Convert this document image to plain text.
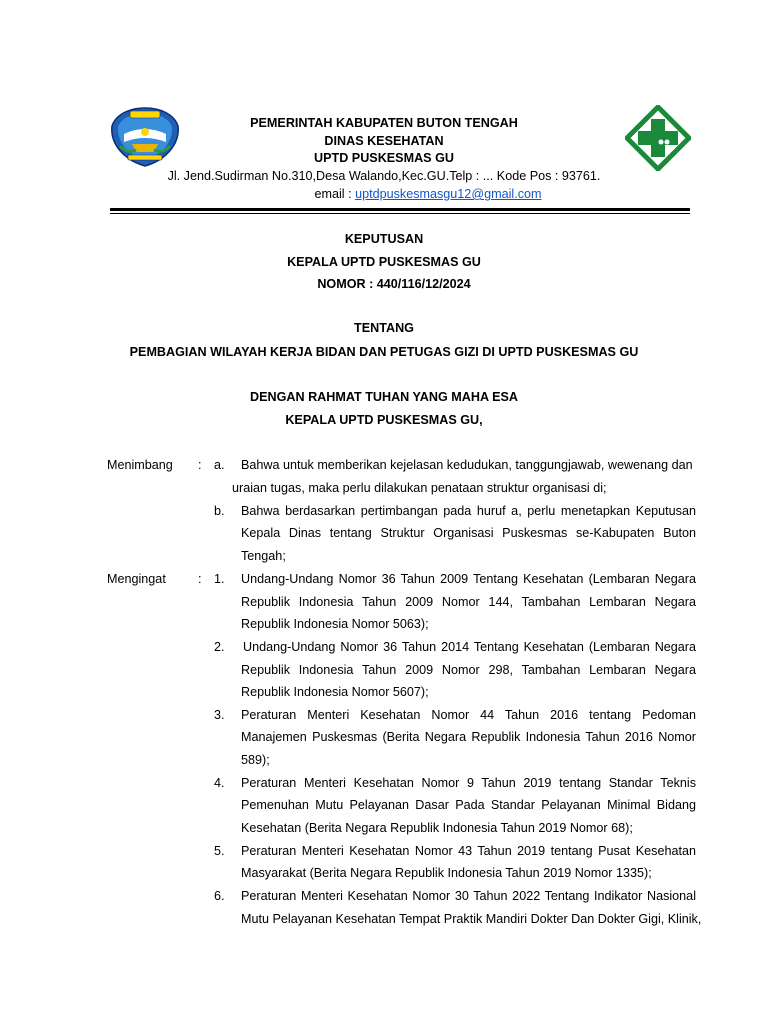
PEMERINTAH KABUPATEN BUTON TENGAH
DINAS KESEHATAN
UPTD PUSKESMAS GU
Jl. Jend.Sudirman No.310,Desa Walando,Kec.GU.Telp : ... Kode Pos : 93761.
email : uptdpuskesmasgu12@gmail.com
KEPUTUSAN
KEPALA UPTD PUSKESMAS GU
NOMOR : 440/116/12/2024
TENTANG
PEMBAGIAN WILAYAH KERJA BIDAN DAN PETUGAS GIZI DI UPTD PUSKESMAS GU
DENGAN RAHMAT TUHAN YANG MAHA ESA
KEPALA UPTD PUSKESMAS GU,
Menimbang : a. Bahwa untuk memberikan kejelasan kedudukan, tanggungjawab, wewenang dan
uraian tugas, maka perlu dilakukan penataan struktur organisasi di;
b. Bahwa berdasarkan pertimbangan pada huruf a, perlu menetapkan Keputusan
Kepala Dinas tentang Struktur Organisasi Puskesmas se-Kabupaten Buton
Tengah;
Mengingat	: 1. Undang-Undang Nomor 36 Tahun 2009 Tentang Kesehatan (Lembaran Negara
Republik Indonesia Tahun 2009 Nomor 144, Tambahan Lembaran Negara
Republik Indonesia Nomor 5063);
2. Undang-Undang Nomor 36 Tahun 2014 Tentang Kesehatan (Lembaran Negara
Republik Indonesia Tahun 2009 Nomor 298, Tambahan Lembaran Negara
Republik Indonesia Nomor 5607);
3. Peraturan Menteri Kesehatan Nomor 44 Tahun 2016 tentang Pedoman
Manajemen Puskesmas (Berita Negara Republik Indonesia Tahun 2016 Nomor
589);
4. Peraturan Menteri Kesehatan Nomor 9 Tahun 2019 tentang Standar Teknis
Pemenuhan Mutu Pelayanan Dasar Pada Standar Pelayanan Minimal Bidang
Kesehatan (Berita Negara Republik Indonesia Tahun 2019 Nomor 68);
5. Peraturan Menteri Kesehatan Nomor 43 Tahun 2019 tentang Pusat Kesehatan
Masyarakat (Berita Negara Republik Indonesia Tahun 2019 Nomor 1335);
6. Peraturan Menteri Kesehatan Nomor 30 Tahun 2022 Tentang Indikator Nasional
Mutu Pelayanan Kesehatan Tempat Praktik Mandiri Dokter Dan Dokter Gigi, Klinik,
